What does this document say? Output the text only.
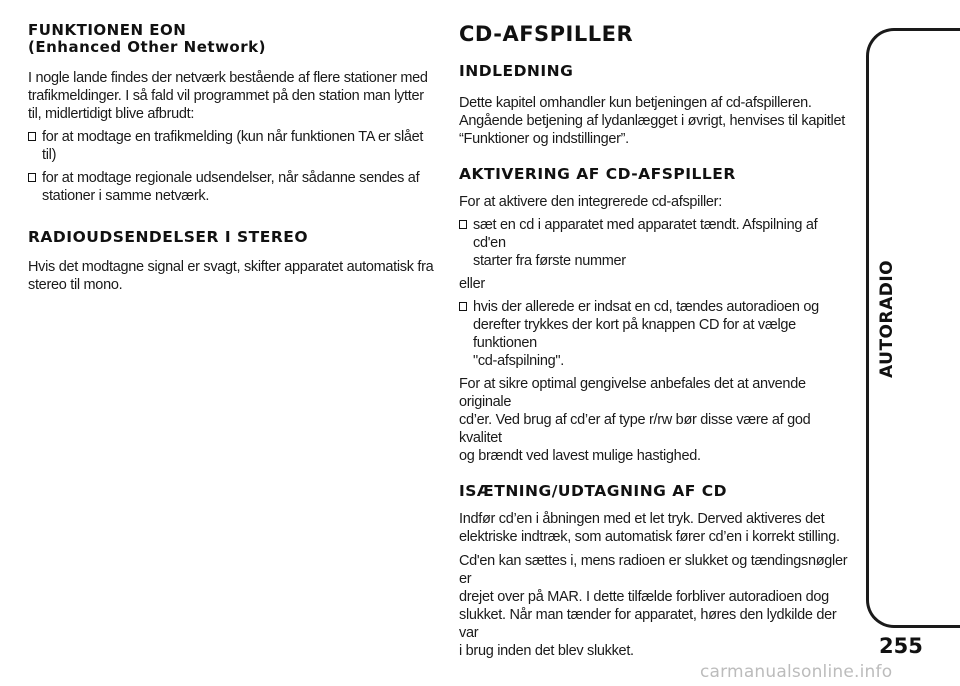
AUTORADIO

FUNKTIONEN EON

(Enhanced Other Network)

I nogle lande findes der netværk bestående af flere stationer med
trafikmeldinger. I så fald vil programmet på den station man lytter
til, midlertidigt blive afbrudt:

for at modtage en trafikmelding (kun når funktionen TA er slået
til)

for at modtage regionale udsendelser, når sådanne sendes af
stationer i samme netværk.

RADIOUDSENDELSER I STEREO

Hvis det modtagne signal er svagt, skifter apparatet automatisk fra
stereo til mono.

CD-AFSPILLER

INDLEDNING

Dette kapitel omhandler kun betjeningen af cd-afspilleren.
Angående betjening af lydanlægget i øvrigt, henvises til kapitlet
“Funktioner og indstillinger”.

AKTIVERING AF CD-AFSPILLER

For at aktivere den integrerede cd-afspiller:

sæt en cd i apparatet med apparatet tændt. Afspilning af cd'en
starter fra første nummer

eller

hvis der allerede er indsat en cd, tændes autoradioen og
derefter trykkes der kort på knappen CD for at vælge funktionen
"cd-afspilning".

For at sikre optimal gengivelse anbefales det at anvende originale
cd’er. Ved brug af cd’er af type r/rw bør disse være af god kvalitet
og brændt ved lavest mulige hastighed.

ISÆTNING/UDTAGNING AF CD

Indfør cd’en i åbningen med et let tryk. Derved aktiveres det
elektriske indtræk, som automatisk fører cd’en i korrekt stilling.

Cd'en kan sættes i, mens radioen er slukket og tændingsnøgler er
drejet over på MAR. I dette tilfælde forbliver autoradioen dog
slukket. Når man tænder for apparatet, høres den lydkilde der var
i brug inden det blev slukket.	255
carmanualsonline.info
